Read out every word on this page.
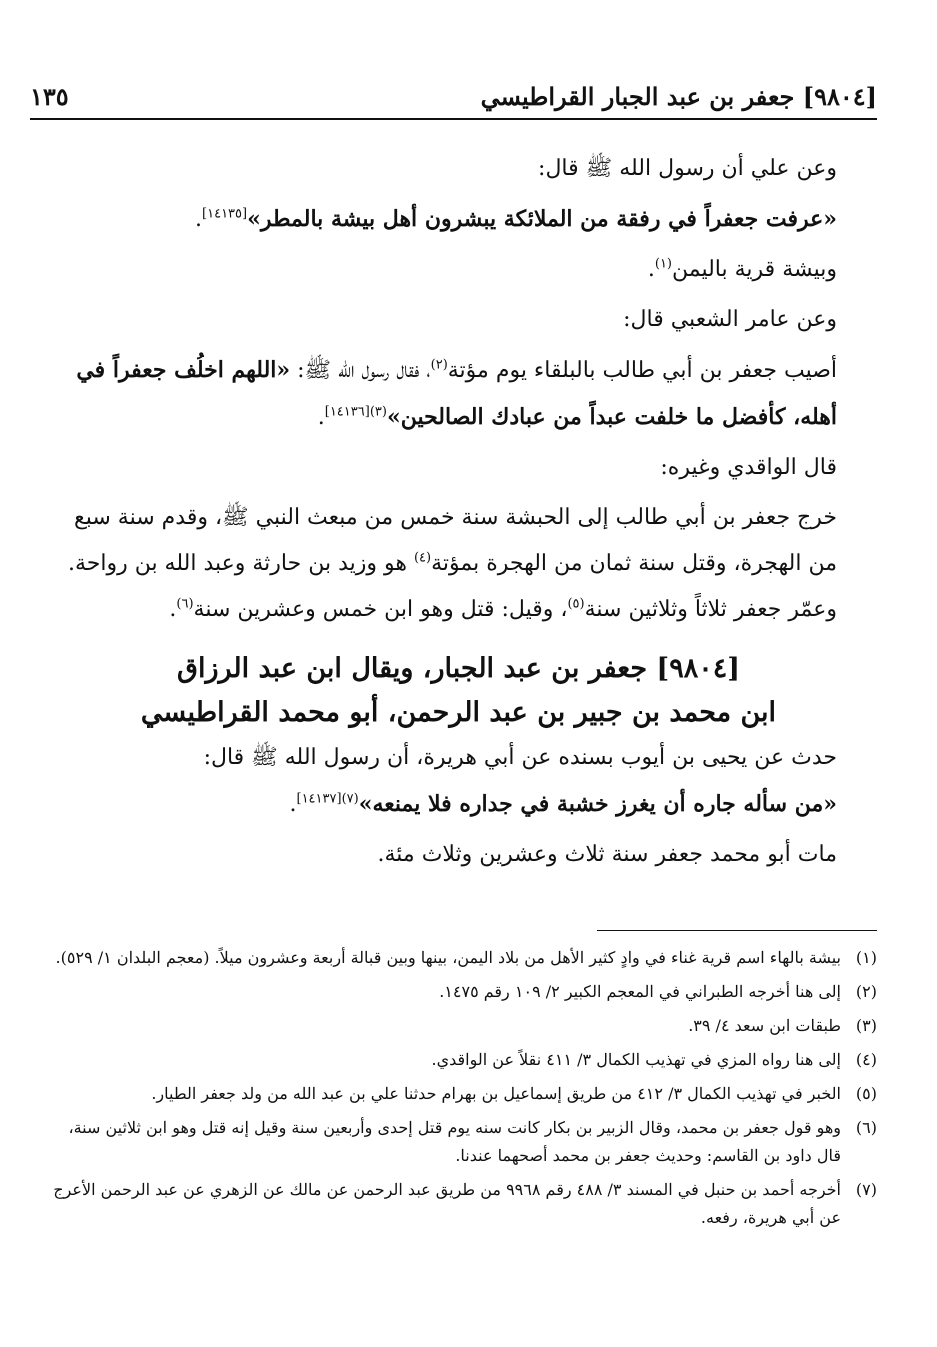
[٩٨٠٤] جعفر بن عبد الجبار القراطيسي
١٣٥

وعن علي أن رسول الله ﷺ قال:

«عرفت جعفراً في رفقة من الملائكة يبشرون أهل بيشة بالمطر»[١٤١٣٥].

وبيشة قرية باليمن$^{(١)}$.

وعن عامر الشعبي قال:

أصيب جعفر بن أبي طالب بالبلقاء يوم مؤتة$^{(٢)}$، فقال رسول الله ﷺ: «اللهم اخلُف جعفراً في أهله، كأفضل ما خلفت عبداً من عبادك الصالحين»$^{(٣)[١٤١٣٦]}$.

قال الواقدي وغيره:

خرج جعفر بن أبي طالب إلى الحبشة سنة خمس من مبعث النبي ﷺ، وقدم سنة سبع من الهجرة، وقتل سنة ثمان من الهجرة بمؤتة$^{(٤)}$ هو وزيد بن حارثة وعبد الله بن رواحة. وعمّر جعفر ثلاثاً وثلاثين سنة$^{(٥)}$، وقيل: قتل وهو ابن خمس وعشرين سنة$^{(٦)}$.

[٩٨٠٤] جعفر بن عبد الجبار، ويقال ابن عبد الرزاق
ابن محمد بن جبير بن عبد الرحمن، أبو محمد القراطيسي

حدث عن يحيى بن أيوب بسنده عن أبي هريرة، أن رسول الله ﷺ قال:

«من سأله جاره أن يغرز خشبة في جداره فلا يمنعه»$^{(٧)[١٤١٣٧]}$.

مات أبو محمد جعفر سنة ثلاث وعشرين وثلاث مئة.

(١)
بيشة بالهاء اسم قرية غناء في وادٍ كثير الأهل من بلاد اليمن، بينها وبين قبالة أربعة وعشرون ميلاً. (معجم البلدان ١/ ٥٢٩).
(٢)
إلى هنا أخرجه الطبراني في المعجم الكبير ٢/ ١٠٩ رقم ١٤٧٥.
(٣)
طبقات ابن سعد ٤/ ٣٩.
(٤)
إلى هنا رواه المزي في تهذيب الكمال ٣/ ٤١١ نقلاً عن الواقدي.
(٥)
الخبر في تهذيب الكمال ٣/ ٤١٢ من طريق إسماعيل بن بهرام حدثنا علي بن عبد الله من ولد جعفر الطيار.
(٦)
وهو قول جعفر بن محمد، وقال الزبير بن بكار كانت سنه يوم قتل إحدى وأربعين سنة وقيل إنه قتل وهو ابن ثلاثين سنة، قال داود بن القاسم: وحديث جعفر بن محمد أصحهما عندنا.
(٧)
أخرجه أحمد بن حنبل في المسند ٣/ ٤٨٨ رقم ٩٩٦٨ من طريق عبد الرحمن عن مالك عن الزهري عن عبد الرحمن الأعرج عن أبي هريرة، رفعه.
